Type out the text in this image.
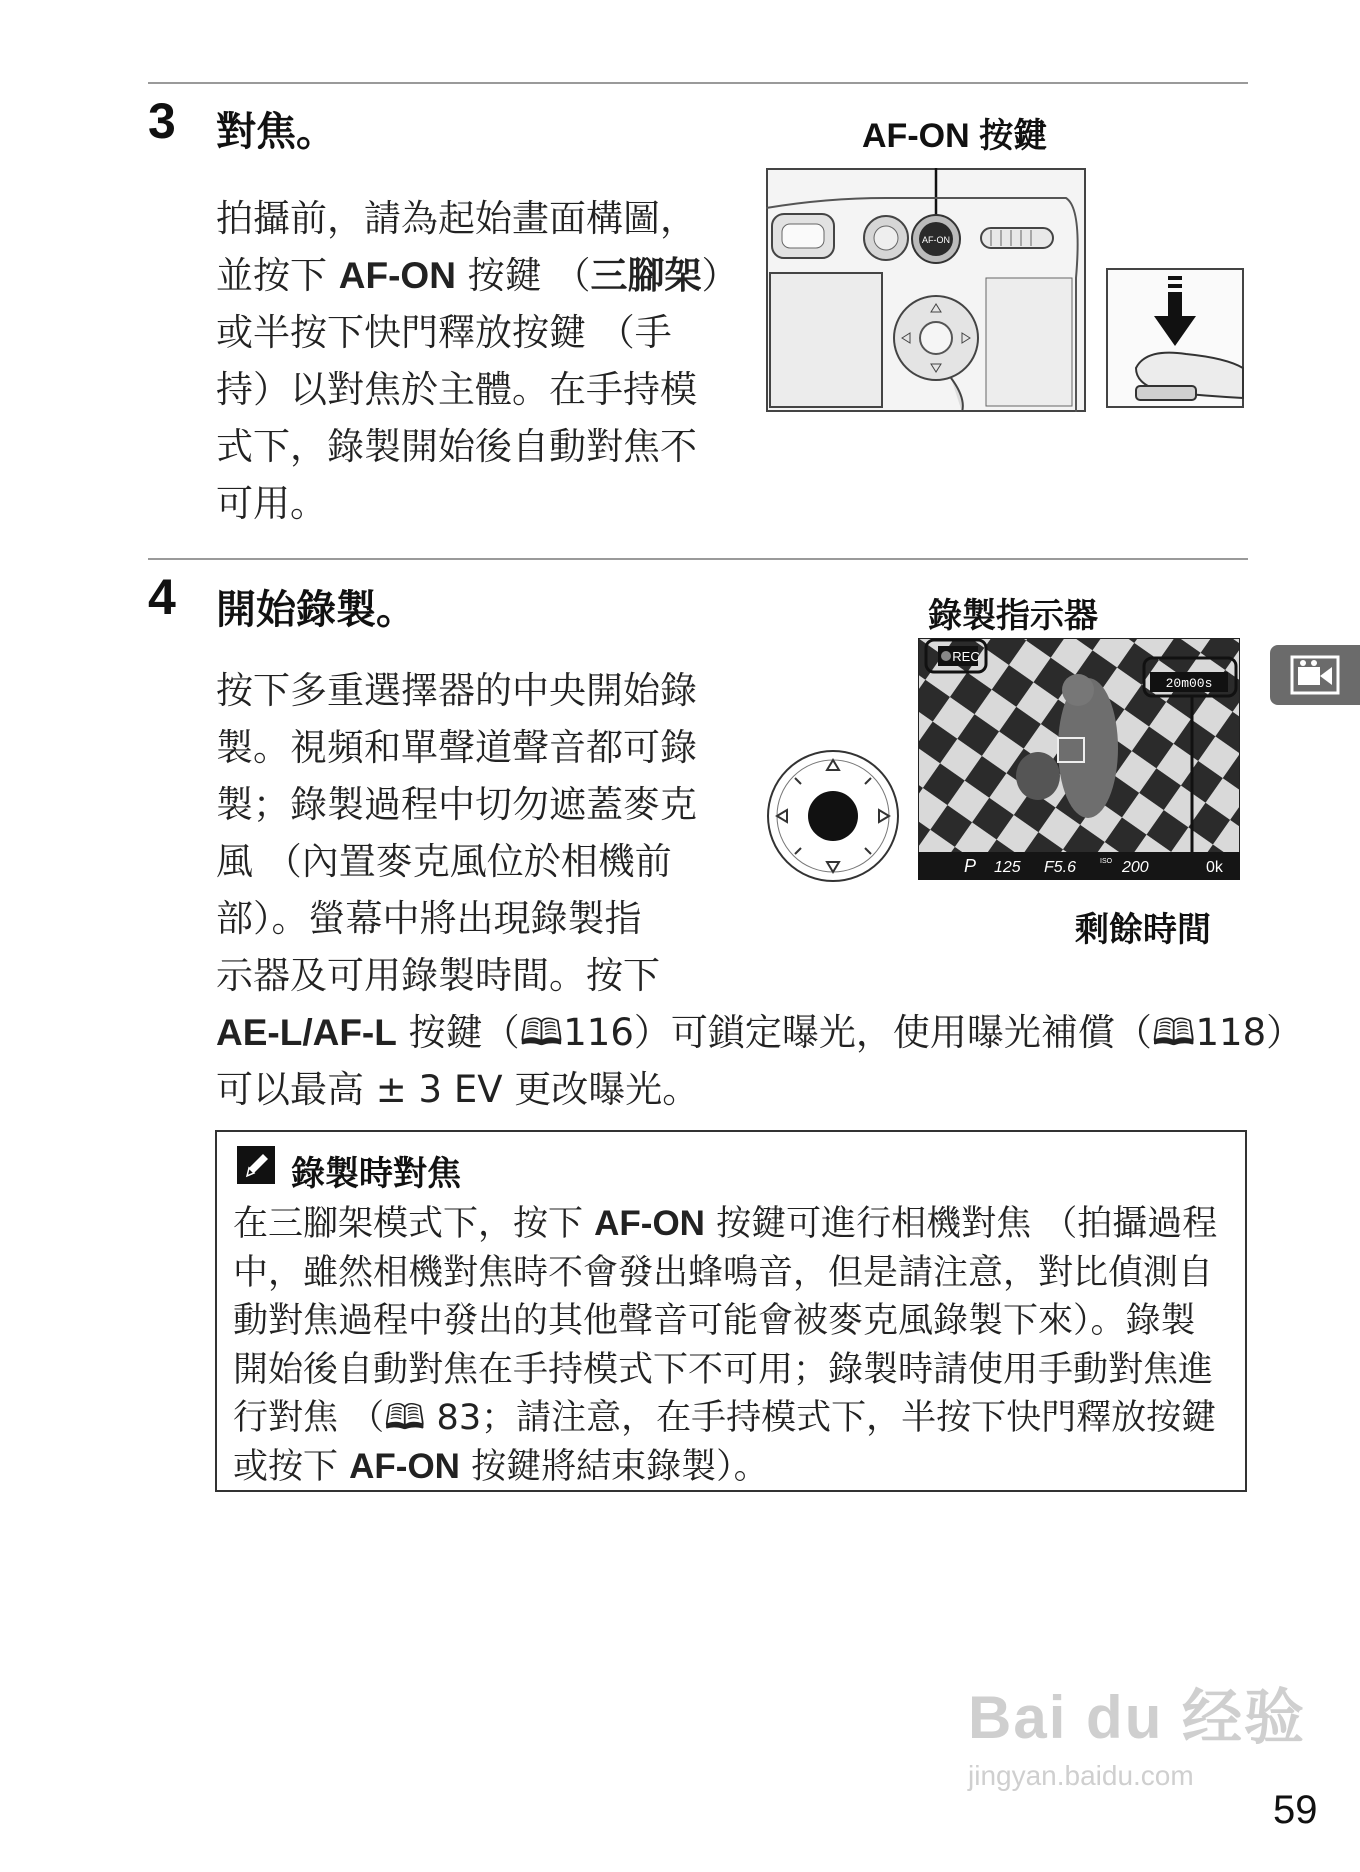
3 對焦。
拍攝前，請為起始畫面構圖，
並按下 AF-ON 按鍵 （三腳架）
或半按下快門釋放按鍵 （手
持）以對焦於主體。在手持模
式下，錄製開始後自動對焦不
可用。
AF-ON 按鍵
AF-ON
4 開始錄製。
按下多重選擇器的中央開始錄
製。視頻和單聲道聲音都可錄
製；錄製過程中切勿遮蓋麥克
風 （內置麥克風位於相機前
部）。螢幕中將出現錄製指
示器及可用錄製時間。按下
AE-L/AF-L 按鍵（🕮116）可鎖定曝光，使用曝光補償（🕮118）
可以最高 ± 3 EV 更改曝光。
錄製指示器
剩餘時間
REC
20m00s
P 125 F5.6	ISO 200	0k
錄製時對焦
在三腳架模式下，按下 AF-ON 按鍵可進行相機對焦 （拍攝過程
中，雖然相機對焦時不會發出蜂鳴音，但是請注意，對比偵測自
動對焦過程中發出的其他聲音可能會被麥克風錄製下來）。錄製
開始後自動對焦在手持模式下不可用；錄製時請使用手動對焦進
行對焦 （🕮 83；請注意，在手持模式下，半按下快門釋放按鍵
或按下 AF-ON 按鍵將結束錄製）。
Bai du 经验
jingyan.baidu.com
59
